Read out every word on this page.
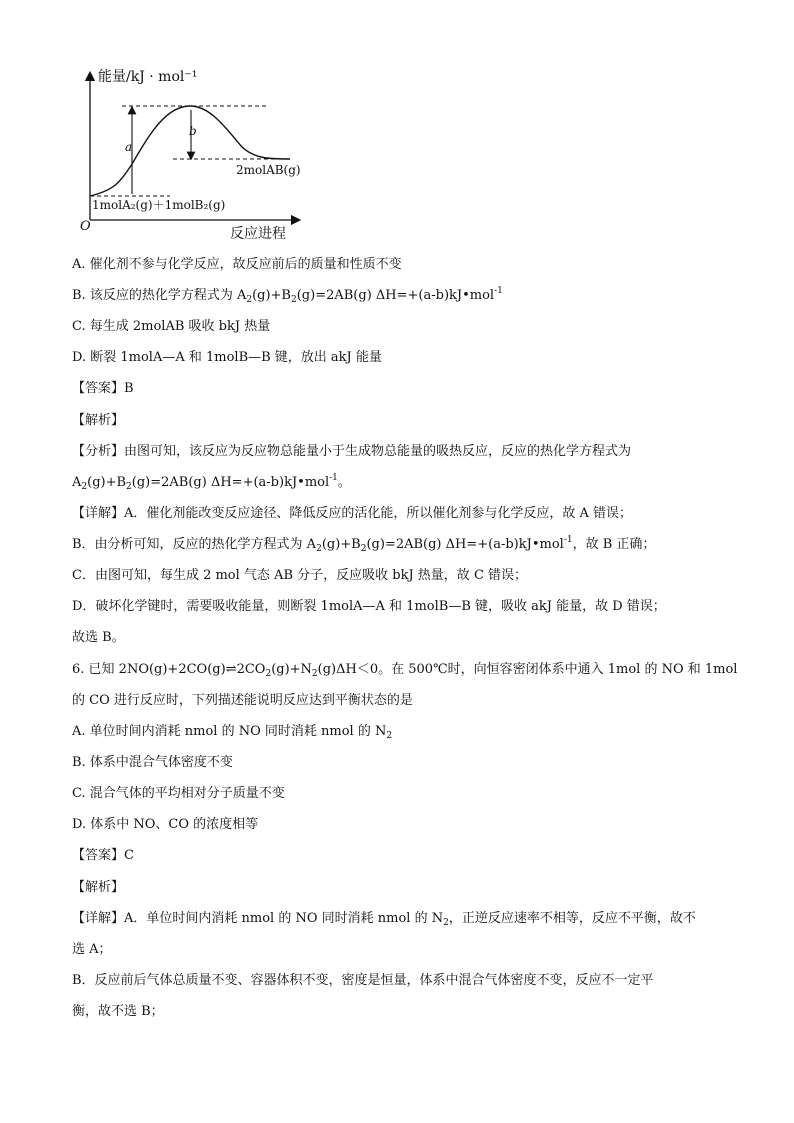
能量/kJ · mol⁻¹
a
b
2molAB(g)
1molA₂(g)＋1molB₂(g)
O	反应进程
A. 催化剂不参与化学反应，故反应前后的质量和性质不变
B. 该反应的热化学方程式为 $A_2(g)+B_2(g)=2AB(g)$ ΔH=+(a-b)kJ•mol$^{-1}$
C. 每生成 2molAB 吸收 bkJ 热量
D. 断裂 1molA—A 和 1molB—B 键，放出 akJ 能量
【答案】B
【解析】
【分析】由图可知，该反应为反应物总能量小于生成物总能量的吸热反应，反应的热化学方程式为
$A_2(g)+B_2(g)=2AB(g)$ ΔH=+(a-b)kJ•mol$^{-1}$。
【详解】A．催化剂能改变反应途径、降低反应的活化能，所以催化剂参与化学反应，故 A 错误；
B．由分析可知，反应的热化学方程式为 $A_2(g)+B_2(g)=2AB(g)$ ΔH=+(a-b)kJ•mol$^{-1}$，故 B 正确；
C．由图可知，每生成 2 mol 气态 AB 分子，反应吸收 bkJ 热量，故 C 错误；
D．破坏化学键时，需要吸收能量，则断裂 1molA—A 和 1molB—B 键，吸收 akJ 能量，故 D 错误；
故选 B。
6. 已知 $2NO(g)+2CO(g)\rightleftharpoons 2CO_2(g)+N_2(g)\Delta H<0$。在 500℃时，向恒容密闭体系中通入 1mol 的 NO 和 1mol
的 CO 进行反应时，下列描述能说明反应达到平衡状态的是
A. 单位时间内消耗 nmol 的 NO 同时消耗 nmol 的 $N_2$
B. 体系中混合气体密度不变
C. 混合气体的平均相对分子质量不变
D. 体系中 NO、CO 的浓度相等
【答案】C
【解析】
【详解】A．单位时间内消耗 nmol 的 NO 同时消耗 nmol 的 $N_2$，正逆反应速率不相等，反应不平衡，故不
选 A；
B．反应前后气体总质量不变、容器体积不变，密度是恒量，体系中混合气体密度不变，反应不一定平
衡，故不选 B；
